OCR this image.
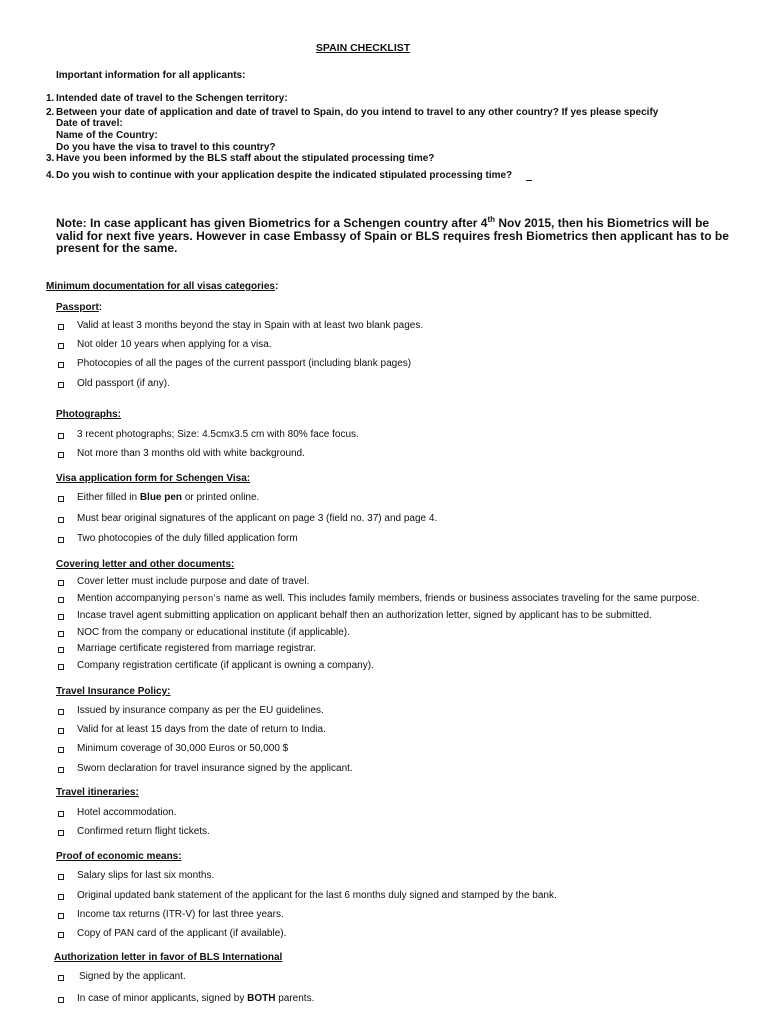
SPAIN CHECKLIST
Important information for all applicants:
1. Intended date of travel to the Schengen territory:
2. Between your date of application and date of travel to Spain, do you intend to travel to any other country? If yes please specify
Date of travel:
Name of the Country:
Do you have the visa to travel to this country?
3. Have you been informed by the BLS staff about the stipulated processing time?
4. Do you wish to continue with your application despite the indicated stipulated processing time?
Note: In case applicant has given Biometrics for a Schengen country after 4th Nov 2015, then his Biometrics will be valid for next five years. However in case Embassy of Spain or BLS requires fresh Biometrics then applicant has to be present for the same.
Minimum documentation for all visas categories:
Passport:
Valid at least 3 months beyond the stay in Spain with at least two blank pages.
Not older 10 years when applying for a visa.
Photocopies of all the pages of the current passport (including blank pages)
Old passport (if any).
Photographs:
3 recent photographs; Size: 4.5cmx3.5 cm with 80% face focus.
Not more than 3 months old with white background.
Visa application form for Schengen Visa:
Either filled in Blue pen or printed online.
Must bear original signatures of the applicant on page 3 (field no. 37) and page 4.
Two photocopies of the duly filled application form
Covering letter and other documents:
Cover letter must include purpose and date of travel.
Mention accompanying person's name as well. This includes family members, friends or business associates traveling for the same purpose.
Incase travel agent submitting application on applicant behalf then an authorization letter, signed by applicant has to be submitted.
NOC from the company or educational institute (if applicable).
Marriage certificate registered from marriage registrar.
Company registration certificate (if applicant is owning a company).
Travel Insurance Policy:
Issued by insurance company as per the EU guidelines.
Valid for at least 15 days from the date of return to India.
Minimum coverage of 30,000 Euros or 50,000 $
Sworn declaration for travel insurance signed by the applicant.
Travel itineraries:
Hotel accommodation.
Confirmed return flight tickets.
Proof of economic means:
Salary slips for last six months.
Original updated bank statement of the applicant for the last 6 months duly signed and stamped by the bank.
Income tax returns (ITR-V) for last three years.
Copy of PAN card of the applicant (if available).
Authorization letter in favor of BLS International
Signed by the applicant.
In case of minor applicants, signed by BOTH parents.
